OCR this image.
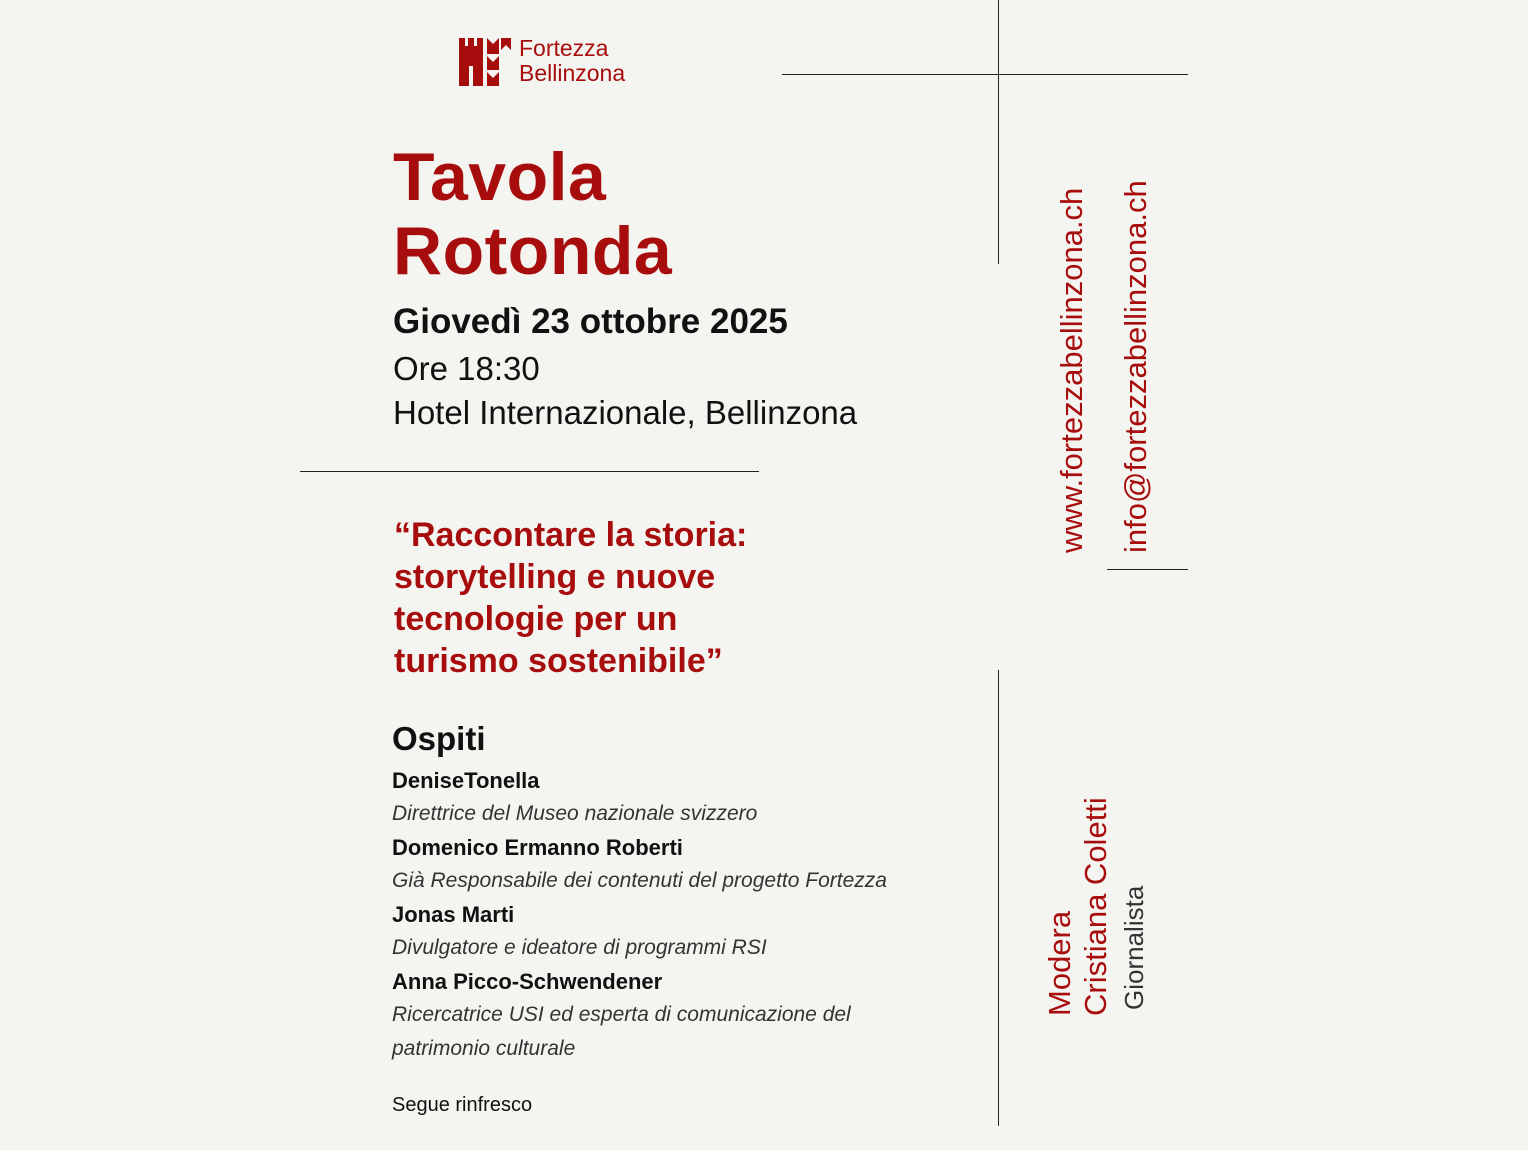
Fortezza
Bellinzona
Tavola
Rotonda
Giovedì 23 ottobre 2025
Ore 18:30
Hotel Internazionale, Bellinzona
“Raccontare la storia:
storytelling e nuove
tecnologie per un
turismo sostenibile”
Ospiti
DeniseTonella
Direttrice del Museo nazionale svizzero
Domenico Ermanno Roberti
Già Responsabile dei contenuti del progetto Fortezza
Jonas Marti
Divulgatore e ideatore di programmi RSI
Anna Picco-Schwendener
Ricercatrice USI ed esperta di comunicazione del
patrimonio culturale
Segue rinfresco
www.fortezzabellinzona.ch info@fortezzabellinzona.ch
Modera Cristiana Coletti Giornalista
